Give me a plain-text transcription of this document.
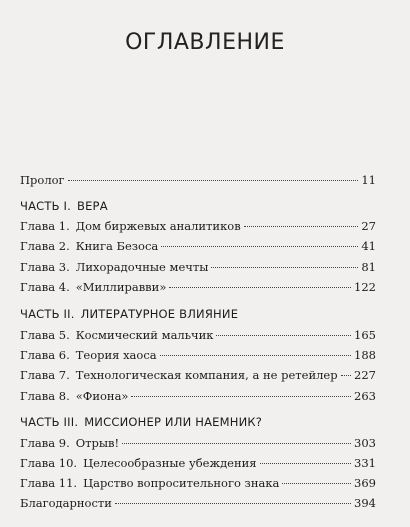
ОГЛАВЛЕНИЕ
Пролог	11
ЧАСТЬ I. ВЕРА
Глава 1. Дом биржевых аналитиков	27
Глава 2. Книга Безоса	41
Глава 3. Лихорадочные мечты	81
Глава 4. «Миллиравви»	122
ЧАСТЬ II. ЛИТЕРАТУРНОЕ ВЛИЯНИЕ
Глава 5. Космический мальчик	165
Глава 6. Теория хаоса	188
Глава 7. Технологическая компания, а не ретейлер 227
Глава 8. «Фиона»	263
ЧАСТЬ III. МИССИОНЕР ИЛИ НАЕМНИК?
Глава 9. Отрыв!	303
Глава 10. Целесообразные убеждения	331
Глава 11. Царство вопросительного знака	369
Благодарности	394
